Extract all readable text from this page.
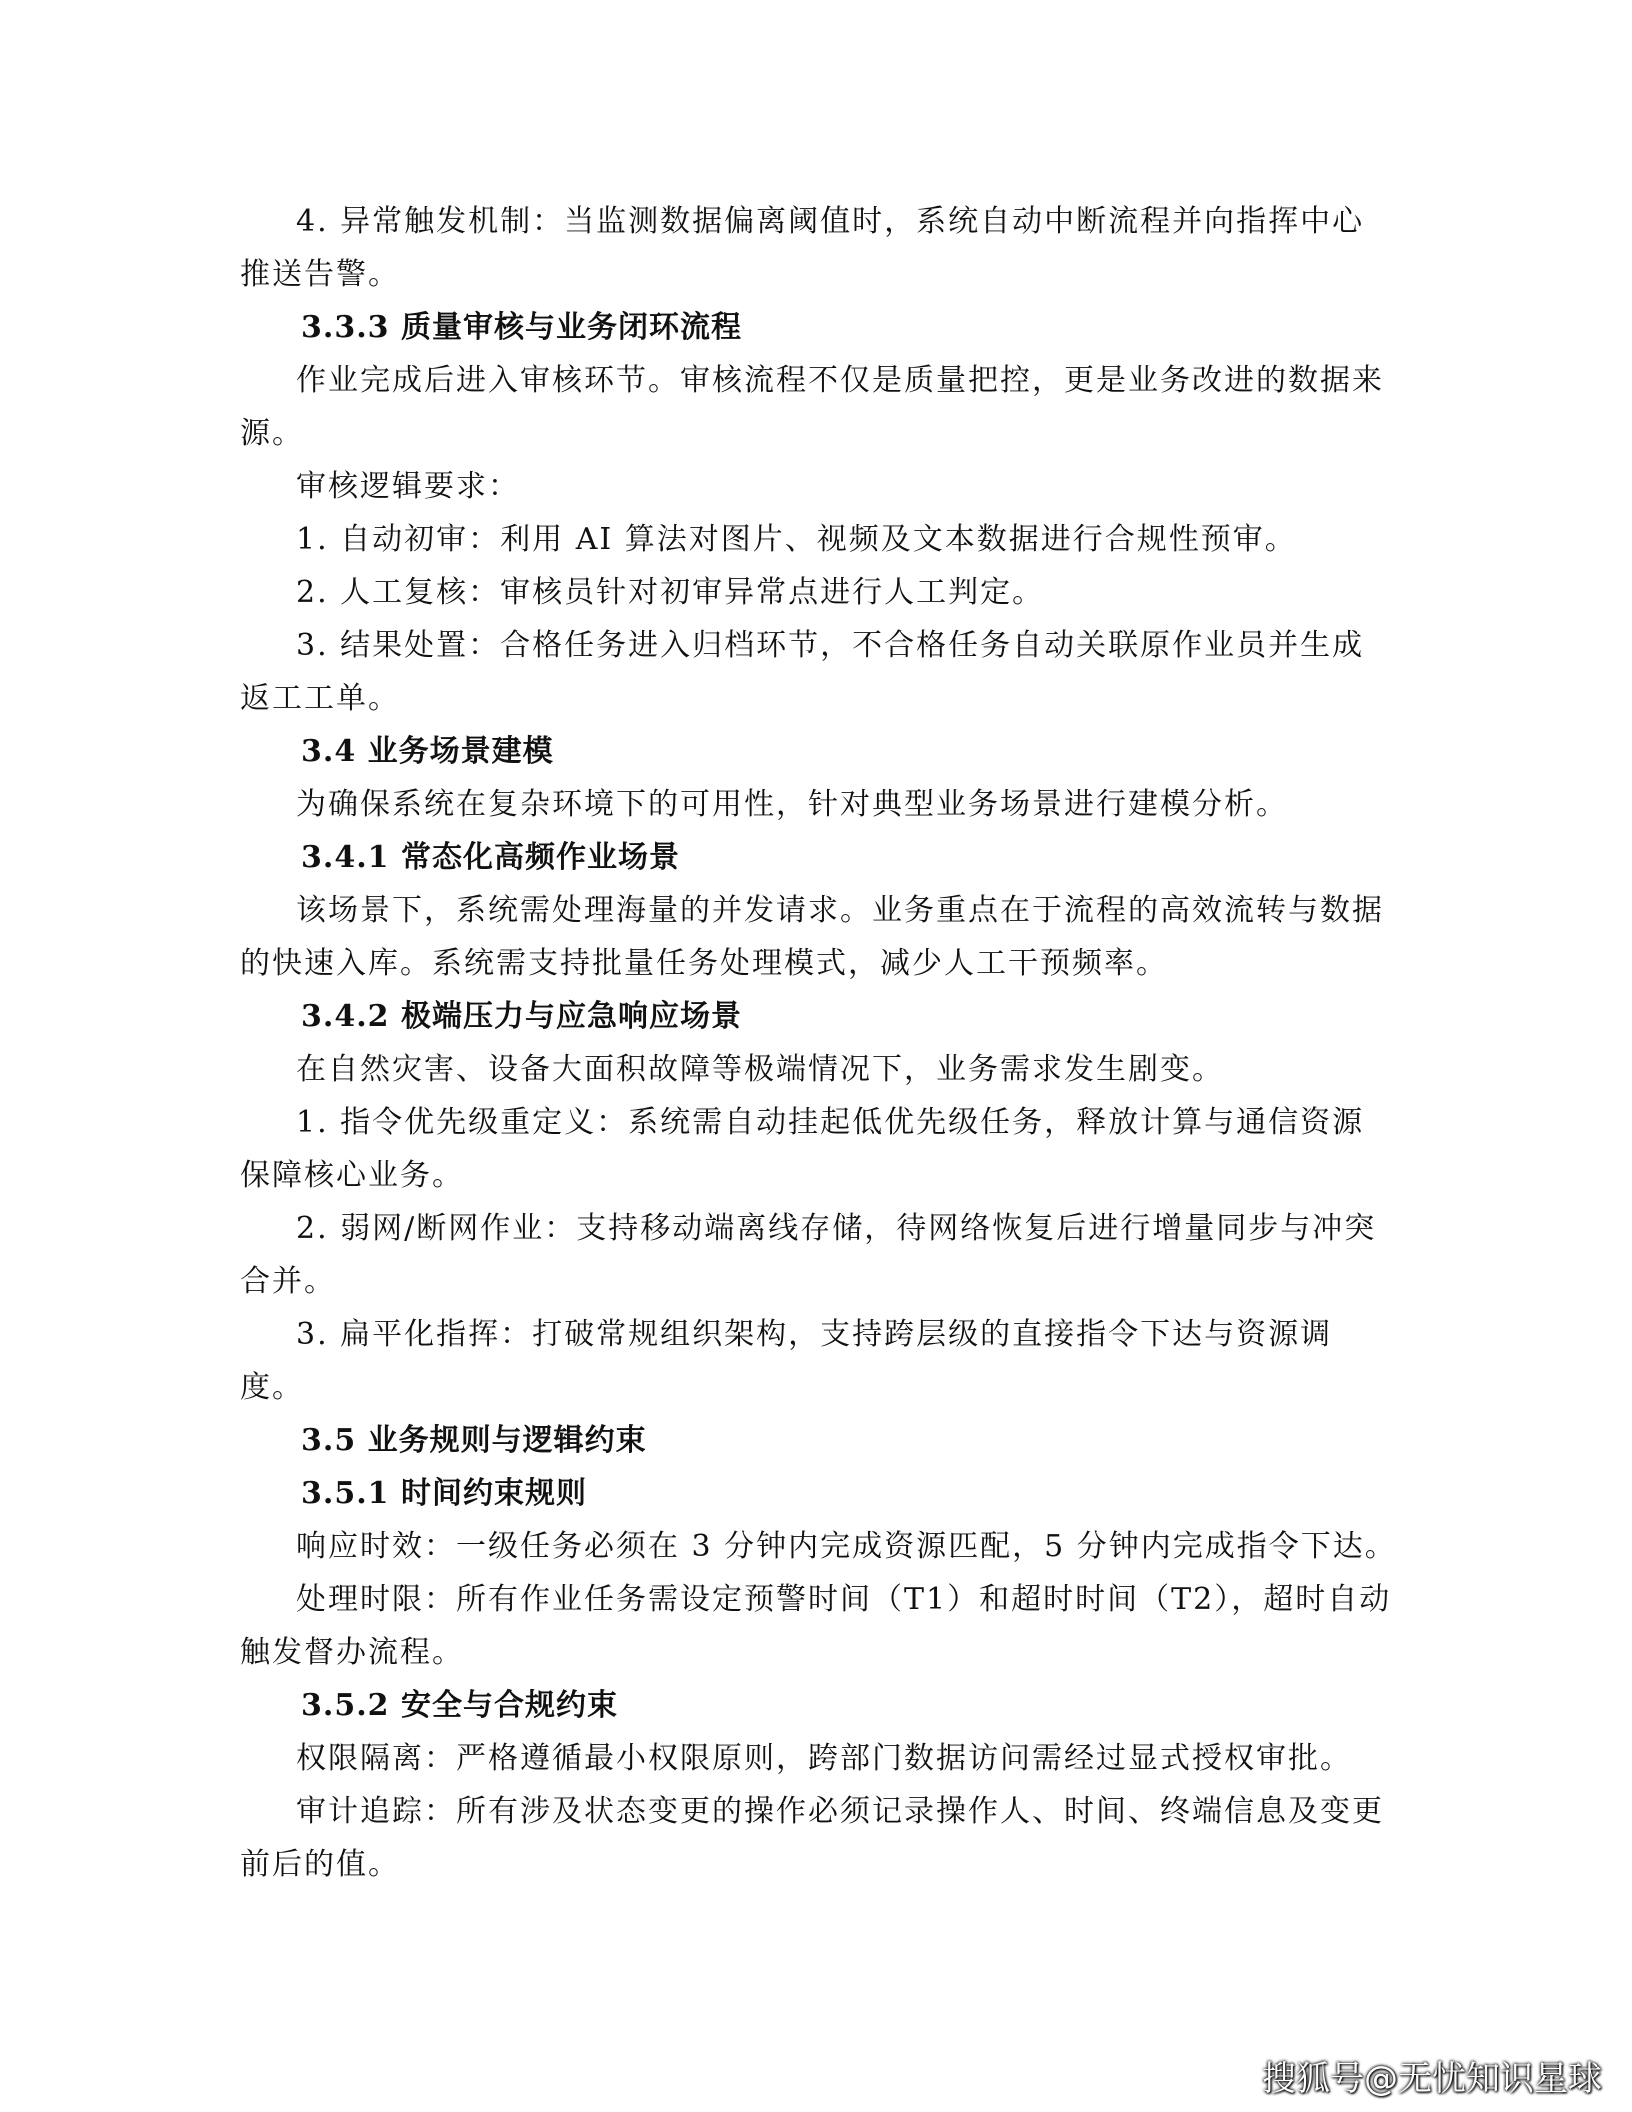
4. 异常触发机制：当监测数据偏离阈值时，系统自动中断流程并向指挥中心
推送告警。
3.3.3 质量审核与业务闭环流程
作业完成后进入审核环节。审核流程不仅是质量把控，更是业务改进的数据来
源。
审核逻辑要求：
1. 自动初审：利用 AI 算法对图片、视频及文本数据进行合规性预审。
2. 人工复核：审核员针对初审异常点进行人工判定。
3. 结果处置：合格任务进入归档环节，不合格任务自动关联原作业员并生成
返工工单。
3.4 业务场景建模
为确保系统在复杂环境下的可用性，针对典型业务场景进行建模分析。
3.4.1 常态化高频作业场景
该场景下，系统需处理海量的并发请求。业务重点在于流程的高效流转与数据
的快速入库。系统需支持批量任务处理模式，减少人工干预频率。
3.4.2 极端压力与应急响应场景
在自然灾害、设备大面积故障等极端情况下，业务需求发生剧变。
1. 指令优先级重定义：系统需自动挂起低优先级任务，释放计算与通信资源
保障核心业务。
2. 弱网/断网作业：支持移动端离线存储，待网络恢复后进行增量同步与冲突
合并。
3. 扁平化指挥：打破常规组织架构，支持跨层级的直接指令下达与资源调
度。
3.5 业务规则与逻辑约束
3.5.1 时间约束规则
响应时效：一级任务必须在 3 分钟内完成资源匹配，5 分钟内完成指令下达。
处理时限：所有作业任务需设定预警时间（T1）和超时时间（T2），超时自动
触发督办流程。
3.5.2 安全与合规约束
权限隔离：严格遵循最小权限原则，跨部门数据访问需经过显式授权审批。
审计追踪：所有涉及状态变更的操作必须记录操作人、时间、终端信息及变更
前后的值。
搜狐号@无忧知识星球
